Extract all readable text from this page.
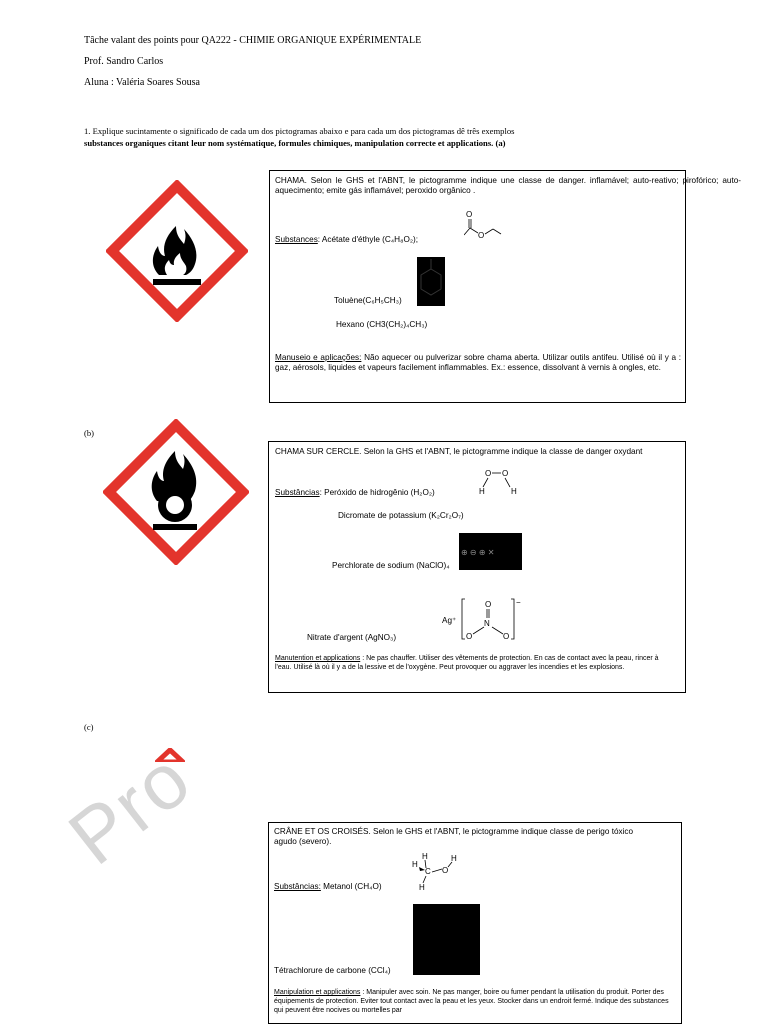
Tâche valant des points pour QA222 - CHIMIE ORGANIQUE EXPÉRIMENTALE
Prof. Sandro Carlos
Aluna : Valéria Soares Sousa
1. Explique sucintamente o significado de cada um dos pictogramas abaixo e para cada um dos pictogramas dê três exemplos
substances organiques citant leur nom systématique, formules chimiques, manipulation correcte et applications. (a)
CHAMA. Selon le GHS et l'ABNT, le pictogramme indique une classe de danger. inflamável; auto-reativo; pirofórico; auto-aquecimento; emite gás inflamável; peroxido orgânico .
O
O
Substances: Acétate d'éthyle (C₄H₈O₂);
Toluène(C₆H₅CH₃)
Hexano (CH3(CH₂)₄CH₃)
Manuseio e aplicações: Não aquecer ou pulverizar sobre chama aberta. Utilizar outils antifeu. Utilisé où il y a : gaz, aérosols, liquides et vapeurs facilement inflammables. Ex.: essence, dissolvant à vernis à ongles, etc.
(b)
CHAMA SUR CERCLE. Selon la GHS et l'ABNT, le pictogramme indique la classe de danger oxydant
Substâncias: Peróxido de hidrogênio (H₂O₂)
O O
H	H
Dicromate de potassium (K₂Cr₂O₇)
⊕ ⊖ ⊕ ✕
Perchlorate de sodium (NaClO)₄
Ag⁺
−
O
N
O	O
Nitrate d'argent (AgNO₃)
Manutention et applications : Ne pas chauffer. Utiliser des vêtements de protection. En cas de contact avec la peau, rincer à l'eau. Utilisé là où il y a de la lessive et de l'oxygène. Peut provoquer ou aggraver les incendies et les explosions.
(c)
Pro	CRÂNE ET OS CROISÉS. Selon le GHS et l'ABNT, le pictogramme indique classe de perigo tóxico agudo (severo).
H
H
C O
H
H
Substâncias: Metanol (CH₄O)
Tétrachlorure de carbone (CCl₄)
Manipulation et applications : Manipuler avec soin. Ne pas manger, boire ou fumer pendant la utilisation du produit. Porter des équipements de protection. Eviter tout contact avec la peau et les yeux. Stocker dans un endroit fermé. Indique des substances qui peuvent être nocives ou mortelles par
